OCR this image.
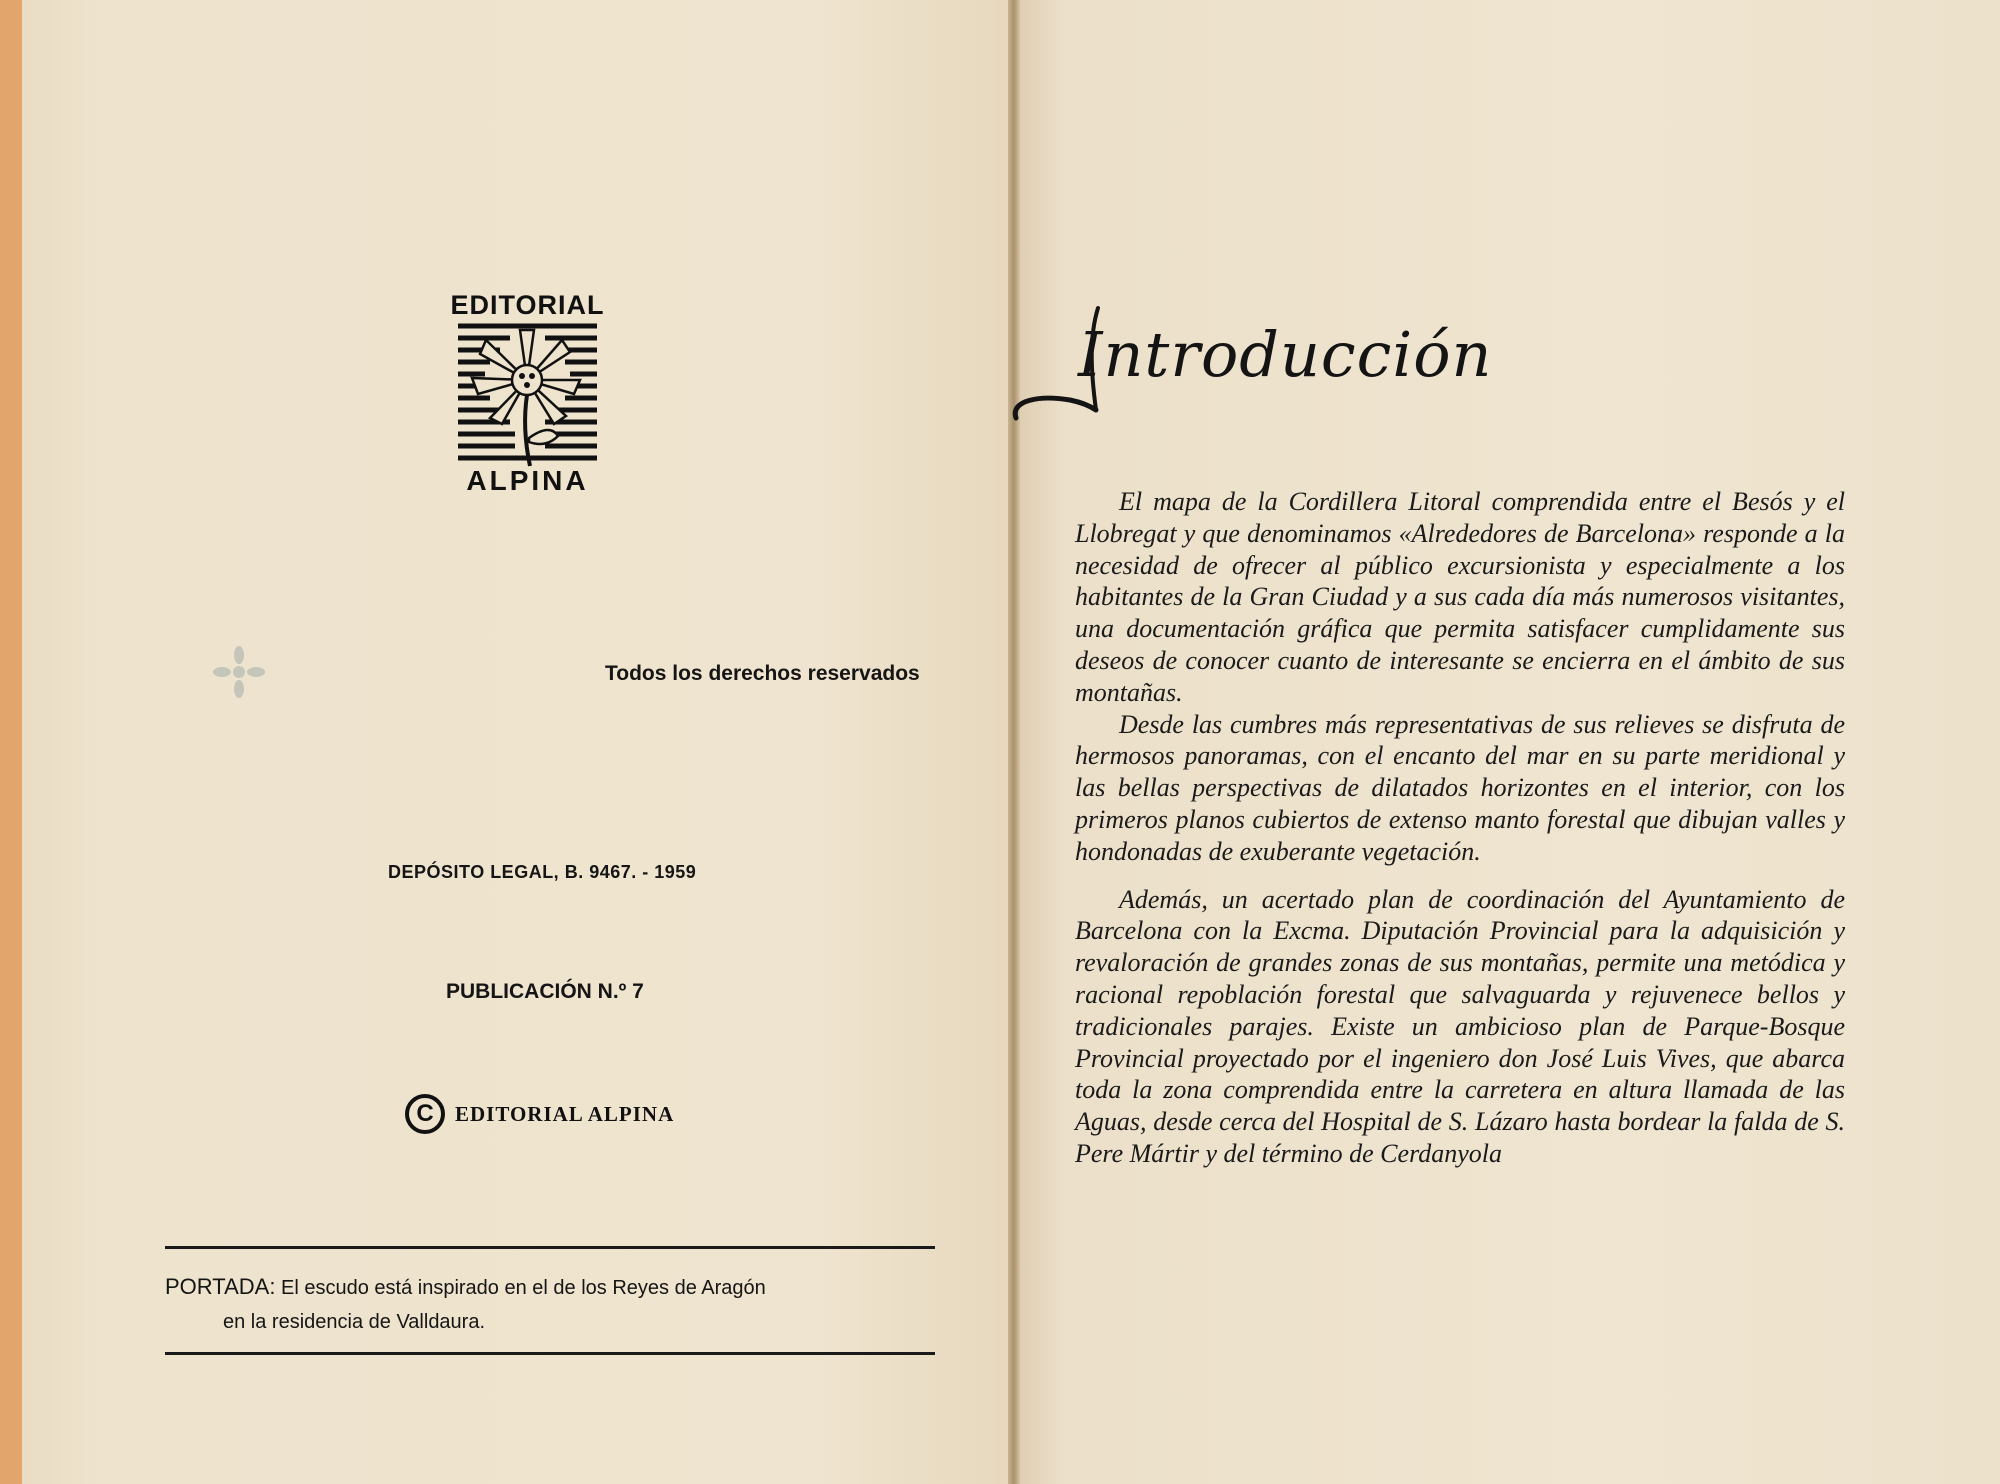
EDITORIAL
ALPINA
Todos los derechos reservados
DEPÓSITO LEGAL, B. 9467. - 1959
PUBLICACIÓN N.º 7
C	EDITORIAL ALPINA
PORTADA: El escudo está inspirado en el de los Reyes de Aragón
en la residencia de Valldaura.
Introducción

El mapa de la Cordillera Litoral comprendida entre el Besós y el Llobregat y que denominamos «Alrededores de Barcelona» responde a la necesidad de ofrecer al público excursionista y especialmente a los habitantes de la Gran Ciudad y a sus cada día más numerosos visitantes, una documentación gráfica que permita satisfacer cumplidamente sus deseos de conocer cuanto de interesante se encierra en el ámbito de sus montañas.

Desde las cumbres más representativas de sus relieves se disfruta de hermosos panoramas, con el encanto del mar en su parte meridional y las bellas perspectivas de dilatados horizontes en el interior, con los primeros planos cubiertos de extenso manto forestal que dibujan valles y hondonadas de exuberante vegetación.

Además, un acertado plan de coordinación del Ayuntamiento de Barcelona con la Excma. Diputación Provincial para la adquisición y revaloración de grandes zonas de sus montañas, permite una metódica y racional repoblación forestal que salvaguarda y rejuvenece bellos y tradicionales parajes. Existe un ambicioso plan de Parque-Bosque Provincial proyectado por el ingeniero don José Luis Vives, que abarca toda la zona comprendida entre la carretera en altura llamada de las Aguas, desde cerca del Hospital de S. Lázaro hasta bordear la falda de S. Pere Mártir y del término de Cerdanyola
